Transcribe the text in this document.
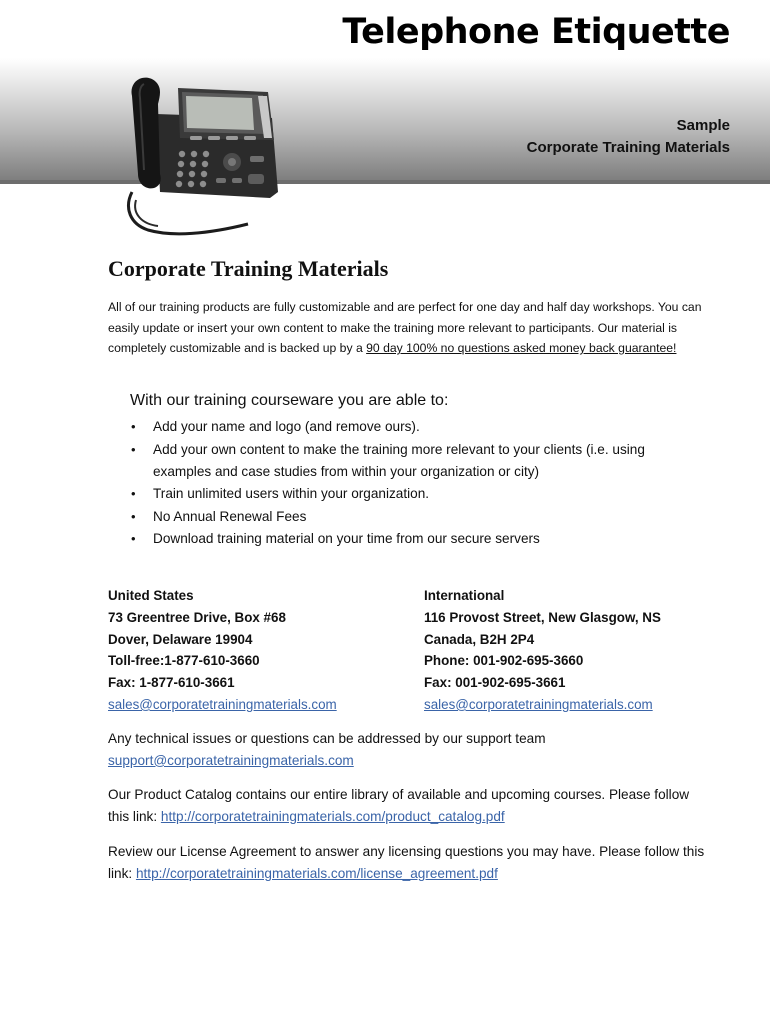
Telephone Etiquette
Sample
Corporate Training Materials
Corporate Training Materials

All of our training products are fully customizable and are perfect for one day and half day workshops. You can easily update or insert your own content to make the training more relevant to participants. Our material is completely customizable and is backed up by a 90 day 100% no questions asked money back guarantee!

With our training courseware you are able to:

• Add your name and logo (and remove ours).
• Add your own content to make the training more relevant to your clients (i.e. using examples and case studies from within your organization or city)
• Train unlimited users within your organization.
• No Annual Renewal Fees
• Download training material on your time from our secure servers
United States
73 Greentree Drive, Box #68
Dover, Delaware 19904
Toll-free:1-877-610-3660
Fax: 1-877-610-3661
sales@corporatetrainingmaterials.com
International
116 Provost Street, New Glasgow, NS
Canada, B2H 2P4
Phone: 001-902-695-3660
Fax: 001-902-695-3661
sales@corporatetrainingmaterials.com

Any technical issues or questions can be addressed by our support team
support@corporatetrainingmaterials.com

Our Product Catalog contains our entire library of available and upcoming courses. Please follow this link: http://corporatetrainingmaterials.com/product_catalog.pdf

Review our License Agreement to answer any licensing questions you may have. Please follow this link: http://corporatetrainingmaterials.com/license_agreement.pdf
